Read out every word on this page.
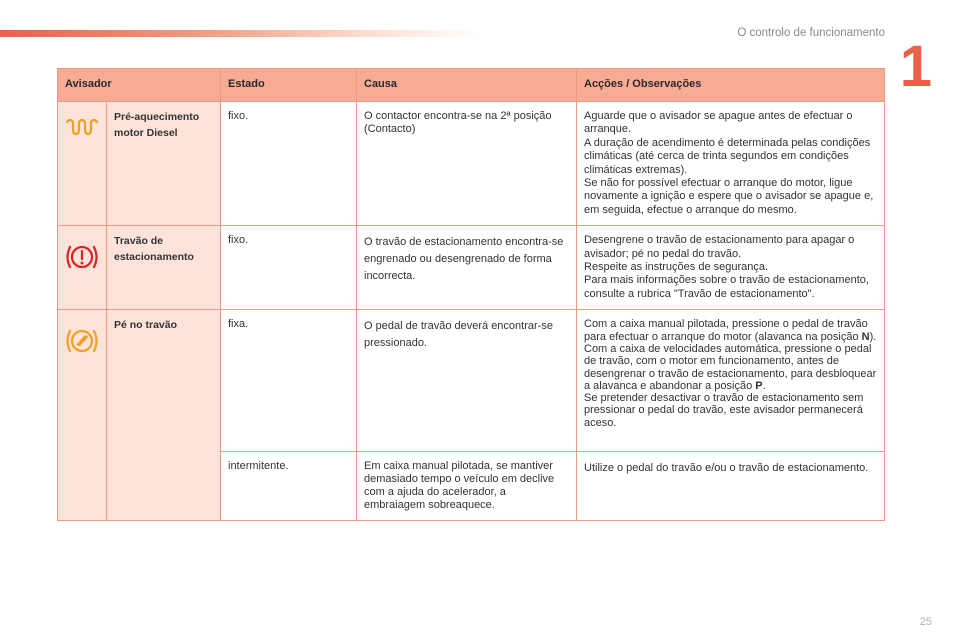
O controlo de funcionamento
1
Avisador		Estado	Causa	Acções / Observações

	Pré-aquecimento motor Diesel	fixo.	O contactor encontra-se na 2ª posição (Contacto)	Aguarde que o avisador se apague antes de efectuar o arranque.
A duração de acendimento é determinada pelas condições climáticas (até cerca de trinta segundos em condições climáticas extremas).
Se não for possível efectuar o arranque do motor, ligue novamente a ignição e espere que o avisador se apague e, em seguida, efectue o arranque do mesmo.

	Travão de estacionamento	fixo.	O travão de estacionamento encontra-se engrenado ou desengrenado de forma incorrecta.	Desengrene o travão de estacionamento para apagar o avisador; pé no pedal do travão.
Respeite as instruções de segurança.
Para mais informações sobre o travão de estacionamento, consulte a rubrica "Travão de estacionamento".

	Pé no travão	fixa.	O pedal de travão deverá encontrar-se pressionado.	Com a caixa manual pilotada, pressione o pedal de travão para efectuar o arranque do motor (alavanca na posição N).
Com a caixa de velocidades automática, pressione o pedal de travão, com o motor em funcionamento, antes de desengrenar o travão de estacionamento, para desbloquear a alavanca e abandonar a posição P.
Se pretender desactivar o travão de estacionamento sem pressionar o pedal do travão, este avisador permanecerá aceso.

		intermitente.	Em caixa manual pilotada, se mantiver demasiado tempo o veículo em declive com a ajuda do acelerador, a embraiagem sobreaquece.	Utilize o pedal do travão e/ou o travão de estacionamento.
25
